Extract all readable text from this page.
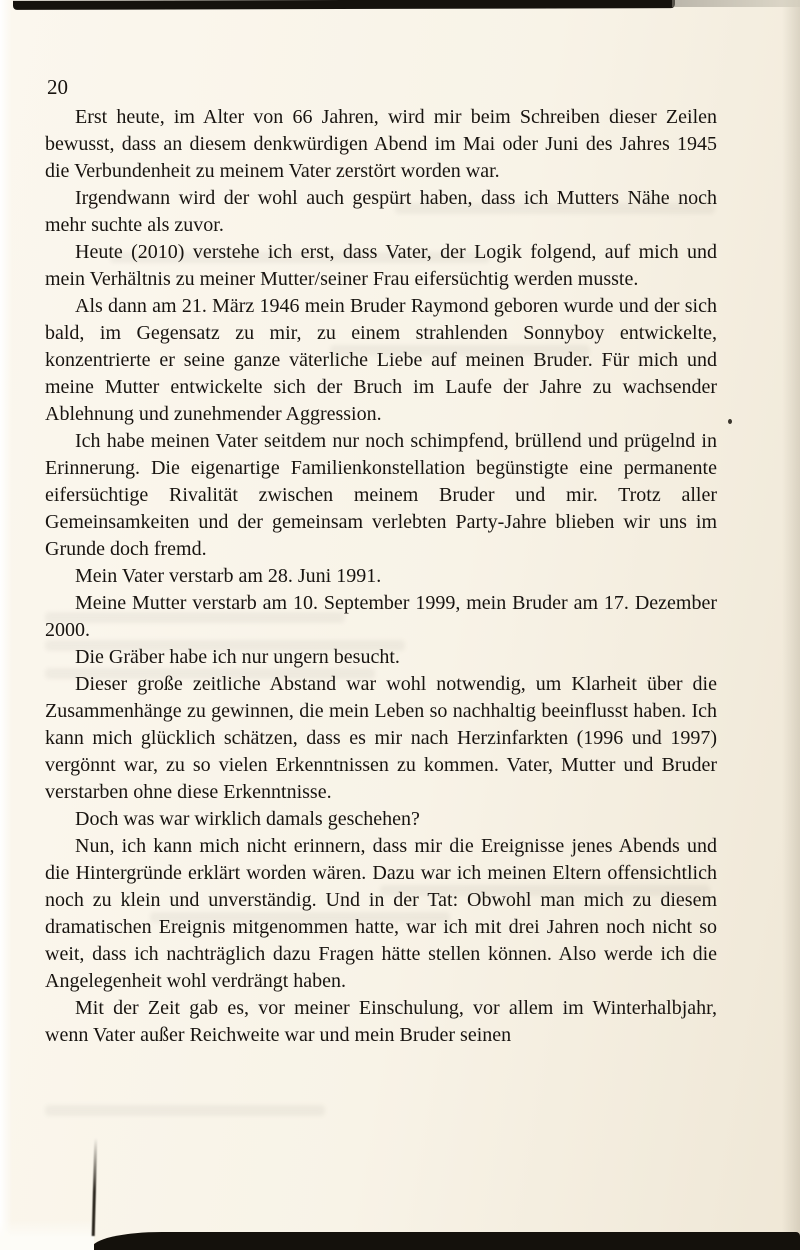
20

Erst heute, im Alter von 66 Jahren, wird mir beim Schreiben dieser Zeilen bewusst, dass an diesem denkwürdigen Abend im Mai oder Juni des Jahres 1945 die Verbundenheit zu meinem Vater zerstört worden war.

Irgendwann wird der wohl auch gespürt haben, dass ich Mutters Nähe noch mehr suchte als zuvor.

Heute (2010) verstehe ich erst, dass Vater, der Logik folgend, auf mich und mein Verhältnis zu meiner Mutter/seiner Frau eifersüchtig werden musste.

Als dann am 21. März 1946 mein Bruder Raymond geboren wurde und der sich bald, im Gegensatz zu mir, zu einem strahlenden Sonnyboy entwickelte, konzentrierte er seine ganze väterliche Liebe auf meinen Bruder. Für mich und meine Mutter entwickelte sich der Bruch im Laufe der Jahre zu wachsender Ablehnung und zunehmender Aggression.

Ich habe meinen Vater seitdem nur noch schimpfend, brüllend und prügelnd in Erinnerung. Die eigenartige Familienkonstellation begünstigte eine permanente eifersüchtige Rivalität zwischen meinem Bruder und mir. Trotz aller Gemeinsamkeiten und der gemeinsam verlebten Party-Jahre blieben wir uns im Grunde doch fremd.

Mein Vater verstarb am 28. Juni 1991.

Meine Mutter verstarb am 10. September 1999, mein Bruder am 17. Dezember 2000.

Die Gräber habe ich nur ungern besucht.

Dieser große zeitliche Abstand war wohl notwendig, um Klarheit über die Zusammenhänge zu gewinnen, die mein Leben so nachhaltig beeinflusst haben. Ich kann mich glücklich schätzen, dass es mir nach Herzinfarkten (1996 und 1997) vergönnt war, zu so vielen Erkenntnissen zu kommen. Vater, Mutter und Bruder verstarben ohne diese Erkenntnisse.

Doch was war wirklich damals geschehen?

Nun, ich kann mich nicht erinnern, dass mir die Ereignisse jenes Abends und die Hintergründe erklärt worden wären. Dazu war ich meinen Eltern offensichtlich noch zu klein und unverständig. Und in der Tat: Obwohl man mich zu diesem dramatischen Ereignis mitgenommen hatte, war ich mit drei Jahren noch nicht so weit, dass ich nachträglich dazu Fragen hätte stellen können. Also werde ich die Angelegenheit wohl verdrängt haben.

Mit der Zeit gab es, vor meiner Einschulung, vor allem im Winterhalbjahr, wenn Vater außer Reichweite war und mein Bruder seinen
